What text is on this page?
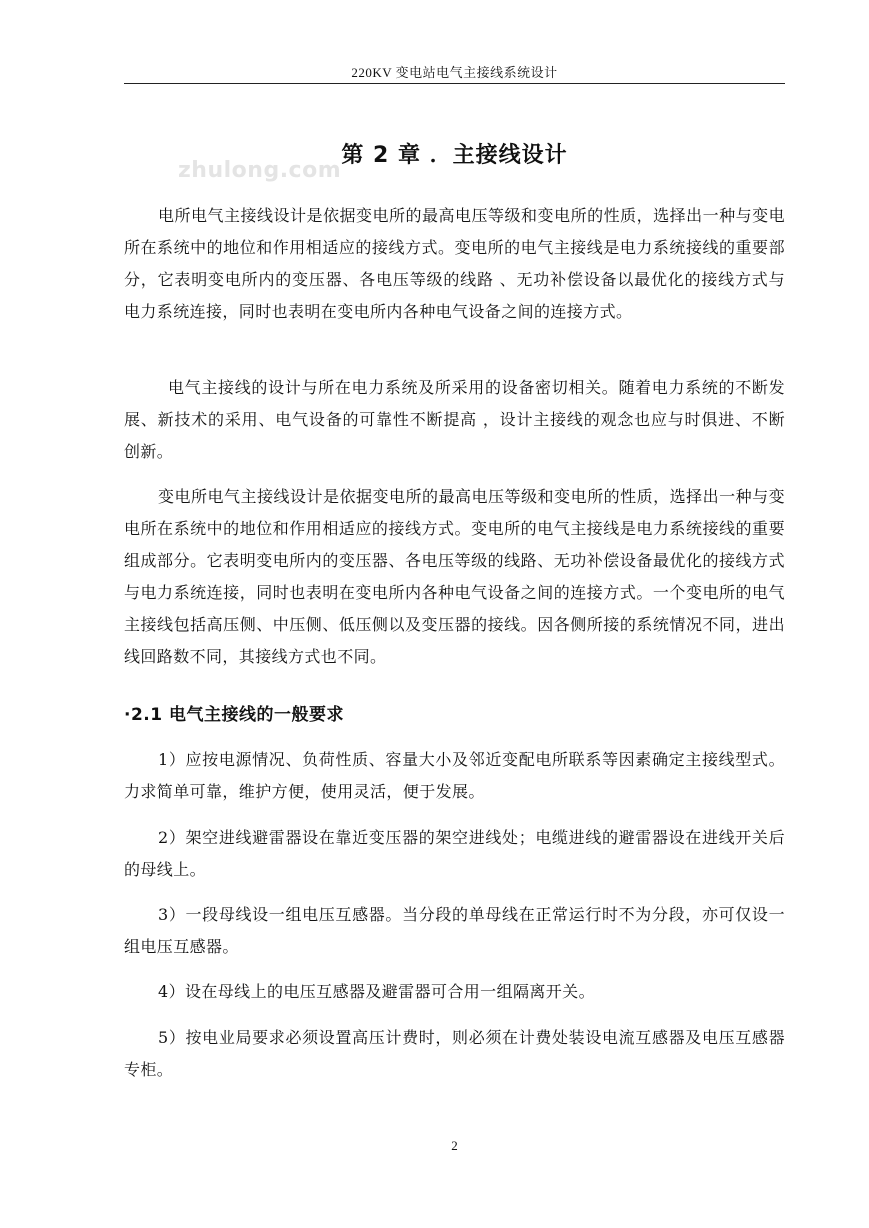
220KV 变电站电气主接线系统设计
zhulong.com
第 2 章 ．主接线设计

电所电气主接线设计是依据变电所的最高电压等级和变电所的性质，选择出一种与变电所在系统中的地位和作用相适应的接线方式。变电所的电气主接线是电力系统接线的重要部分，它表明变电所内的变压器、各电压等级的线路 、无功补偿设备以最优化的接线方式与电力系统连接，同时也表明在变电所内各种电气设备之间的连接方式。

电气主接线的设计与所在电力系统及所采用的设备密切相关。随着电力系统的不断发展、新技术的采用、电气设备的可靠性不断提高 ，设计主接线的观念也应与时俱进、不断创新。

变电所电气主接线设计是依据变电所的最高电压等级和变电所的性质，选择出一种与变电所在系统中的地位和作用相适应的接线方式。变电所的电气主接线是电力系统接线的重要组成部分。它表明变电所内的变压器、各电压等级的线路、无功补偿设备最优化的接线方式与电力系统连接，同时也表明在变电所内各种电气设备之间的连接方式。一个变电所的电气主接线包括高压侧、中压侧、低压侧以及变压器的接线。因各侧所接的系统情况不同，进出线回路数不同，其接线方式也不同。

·2.1 电气主接线的一般要求

1）应按电源情况、负荷性质、容量大小及邻近变配电所联系等因素确定主接线型式。力求简单可靠，维护方便，使用灵活，便于发展。

2）架空进线避雷器设在靠近变压器的架空进线处；电缆进线的避雷器设在进线开关后的母线上。

3）一段母线设一组电压互感器。当分段的单母线在正常运行时不为分段，亦可仅设一组电压互感器。

4）设在母线上的电压互感器及避雷器可合用一组隔离开关。

5）按电业局要求必须设置高压计费时，则必须在计费处装设电流互感器及电压互感器专柜。

2
